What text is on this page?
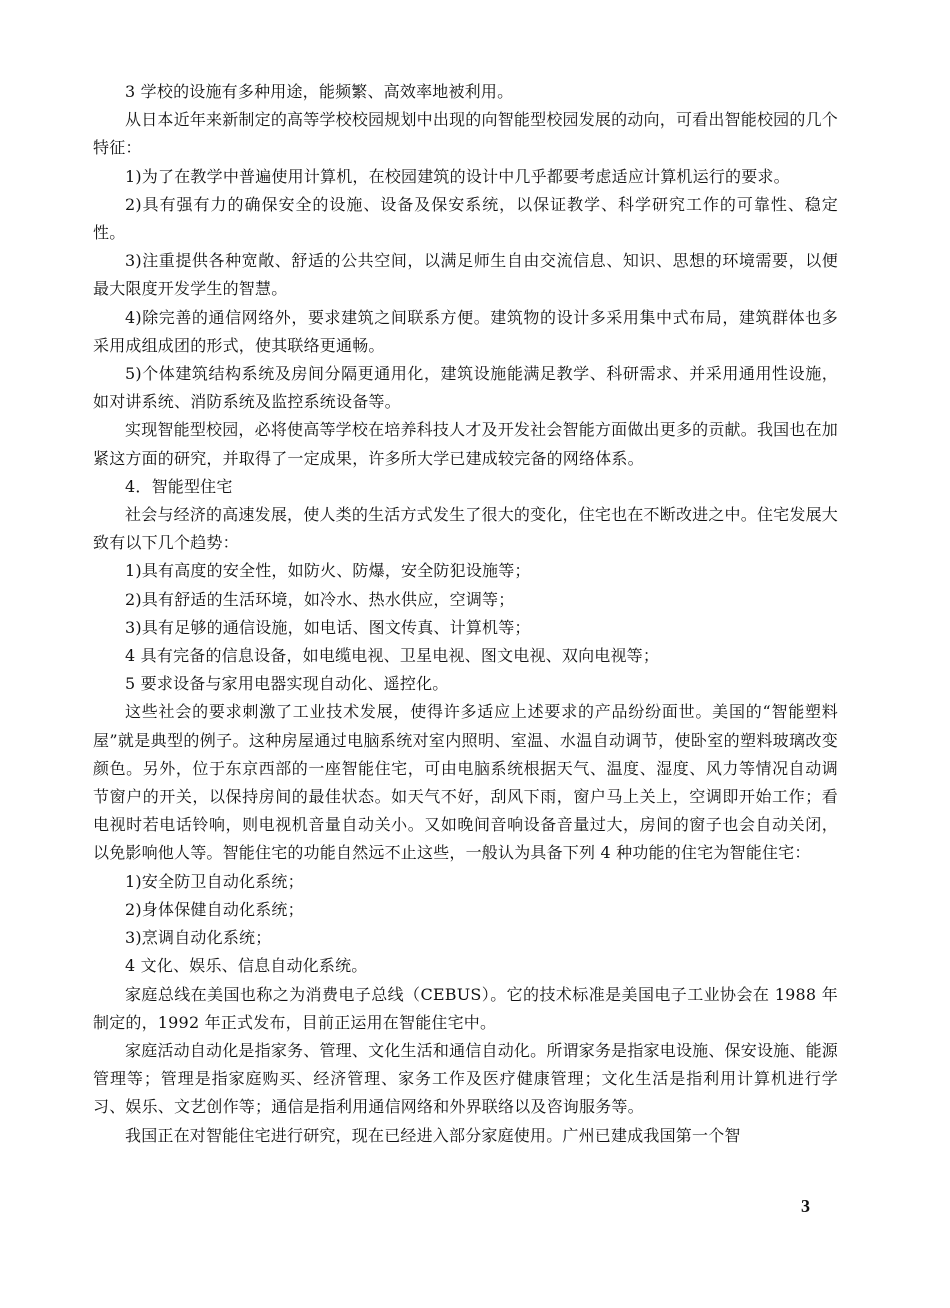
3 学校的设施有多种用途，能频繁、高效率地被利用。

从日本近年来新制定的高等学校校园规划中出现的向智能型校园发展的动向，可看出智能校园的几个特征：

1)为了在教学中普遍使用计算机，在校园建筑的设计中几乎都要考虑适应计算机运行的要求。

2)具有强有力的确保安全的设施、设备及保安系统，以保证教学、科学研究工作的可靠性、稳定性。

3)注重提供各种宽敞、舒适的公共空间，以满足师生自由交流信息、知识、思想的环境需要，以便最大限度开发学生的智慧。

4)除完善的通信网络外，要求建筑之间联系方便。建筑物的设计多采用集中式布局，建筑群体也多采用成组成团的形式，使其联络更通畅。

5)个体建筑结构系统及房间分隔更通用化，建筑设施能满足教学、科研需求、并采用通用性设施，如对讲系统、消防系统及监控系统设备等。

实现智能型校园，必将使高等学校在培养科技人才及开发社会智能方面做出更多的贡献。我国也在加紧这方面的研究，并取得了一定成果，许多所大学已建成较完备的网络体系。

4．智能型住宅

社会与经济的高速发展，使人类的生活方式发生了很大的变化，住宅也在不断改进之中。住宅发展大致有以下几个趋势：

1)具有高度的安全性，如防火、防爆，安全防犯设施等；

2)具有舒适的生活环境，如冷水、热水供应，空调等；

3)具有足够的通信设施，如电话、图文传真、计算机等；

4 具有完备的信息设备，如电缆电视、卫星电视、图文电视、双向电视等；

5 要求设备与家用电器实现自动化、遥控化。

这些社会的要求刺激了工业技术发展，使得许多适应上述要求的产品纷纷面世。美国的“智能塑料屋”就是典型的例子。这种房屋通过电脑系统对室内照明、室温、水温自动调节，使卧室的塑料玻璃改变颜色。另外，位于东京西部的一座智能住宅，可由电脑系统根据天气、温度、湿度、风力等情况自动调节窗户的开关，以保持房间的最佳状态。如天气不好，刮风下雨，窗户马上关上，空调即开始工作；看电视时若电话铃响，则电视机音量自动关小。又如晚间音响设备音量过大，房间的窗子也会自动关闭，以免影响他人等。智能住宅的功能自然远不止这些，一般认为具备下列 4 种功能的住宅为智能住宅：

1)安全防卫自动化系统；

2)身体保健自动化系统；

3)烹调自动化系统；

4 文化、娱乐、信息自动化系统。

家庭总线在美国也称之为消费电子总线（CEBUS）。它的技术标准是美国电子工业协会在 1988 年制定的，1992 年正式发布，目前正运用在智能住宅中。

家庭活动自动化是指家务、管理、文化生活和通信自动化。所谓家务是指家电设施、保安设施、能源管理等；管理是指家庭购买、经济管理、家务工作及医疗健康管理；文化生活是指利用计算机进行学习、娱乐、文艺创作等；通信是指利用通信网络和外界联络以及咨询服务等。

我国正在对智能住宅进行研究，现在已经进入部分家庭使用。广州已建成我国第一个智

3
